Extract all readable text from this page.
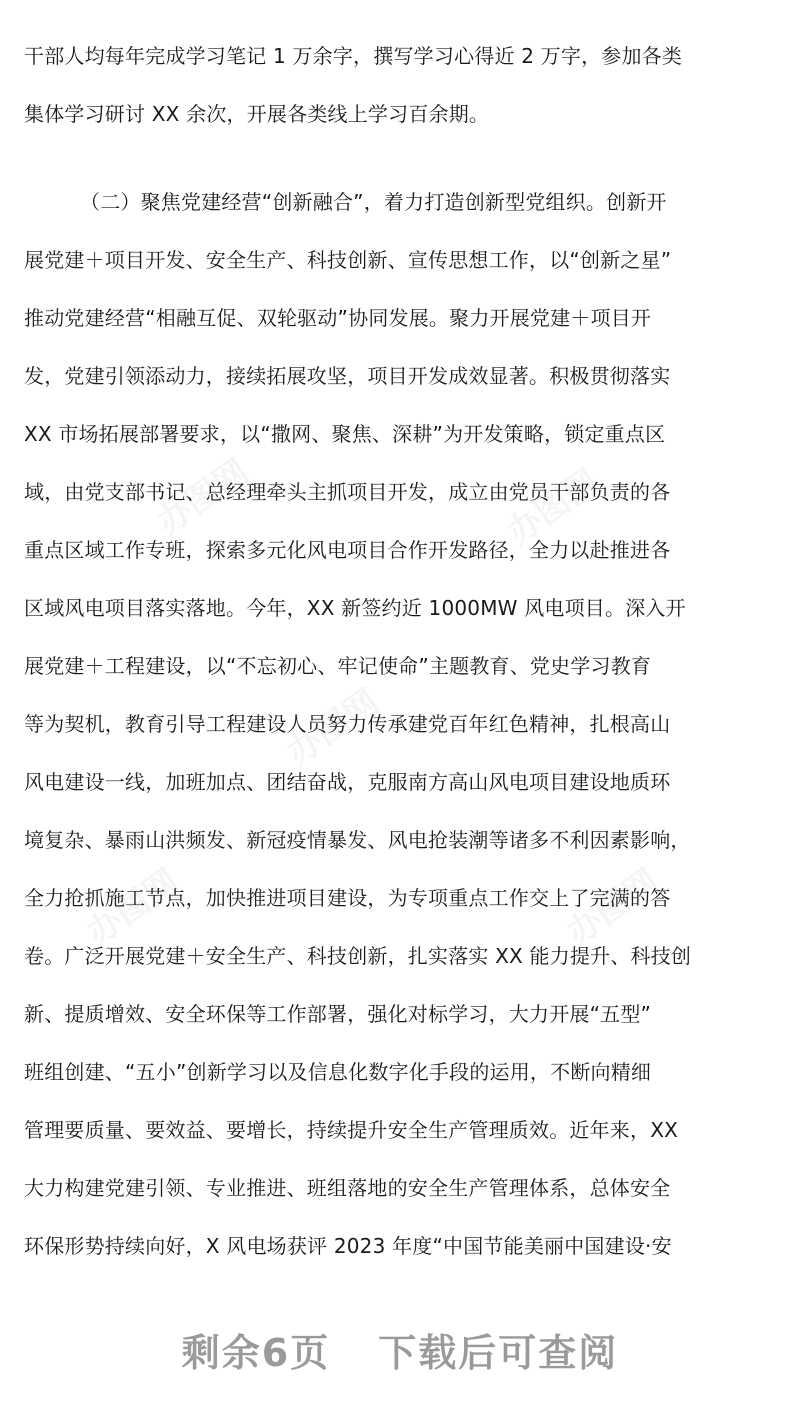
干部人均每年完成学习笔记 1 万余字，撰写学习心得近 2 万字，参加各类
集体学习研讨 XX 余次，开展各类线上学习百余期。
（二）聚焦党建经营“创新融合”，着力打造创新型党组织。创新开
展党建＋项目开发、安全生产、科技创新、宣传思想工作，以“创新之星”
推动党建经营“相融互促、双轮驱动”协同发展。聚力开展党建＋项目开
发，党建引领添动力，接续拓展攻坚，项目开发成效显著。积极贯彻落实
XX 市场拓展部署要求，以“撒网、聚焦、深耕”为开发策略，锁定重点区
域，由党支部书记、总经理牵头主抓项目开发，成立由党员干部负责的各
重点区域工作专班，探索多元化风电项目合作开发路径，全力以赴推进各
区域风电项目落实落地。今年，XX 新签约近 1000MW 风电项目。深入开
展党建＋工程建设，以“不忘初心、牢记使命”主题教育、党史学习教育
等为契机，教育引导工程建设人员努力传承建党百年红色精神，扎根高山
风电建设一线，加班加点、团结奋战，克服南方高山风电项目建设地质环
境复杂、暴雨山洪频发、新冠疫情暴发、风电抢装潮等诸多不利因素影响，
全力抢抓施工节点，加快推进项目建设，为专项重点工作交上了完满的答
卷。广泛开展党建＋安全生产、科技创新，扎实落实 XX 能力提升、科技创
新、提质增效、安全环保等工作部署，强化对标学习，大力开展“五型”
班组创建、“五小”创新学习以及信息化数字化手段的运用，不断向精细
管理要质量、要效益、要增长，持续提升安全生产管理质效。近年来，XX
大力构建党建引领、专业推进、班组落地的安全生产管理体系，总体安全
环保形势持续向好，X 风电场获评 2023 年度“中国节能美丽中国建设·安
剩余6页 下载后可查阅
